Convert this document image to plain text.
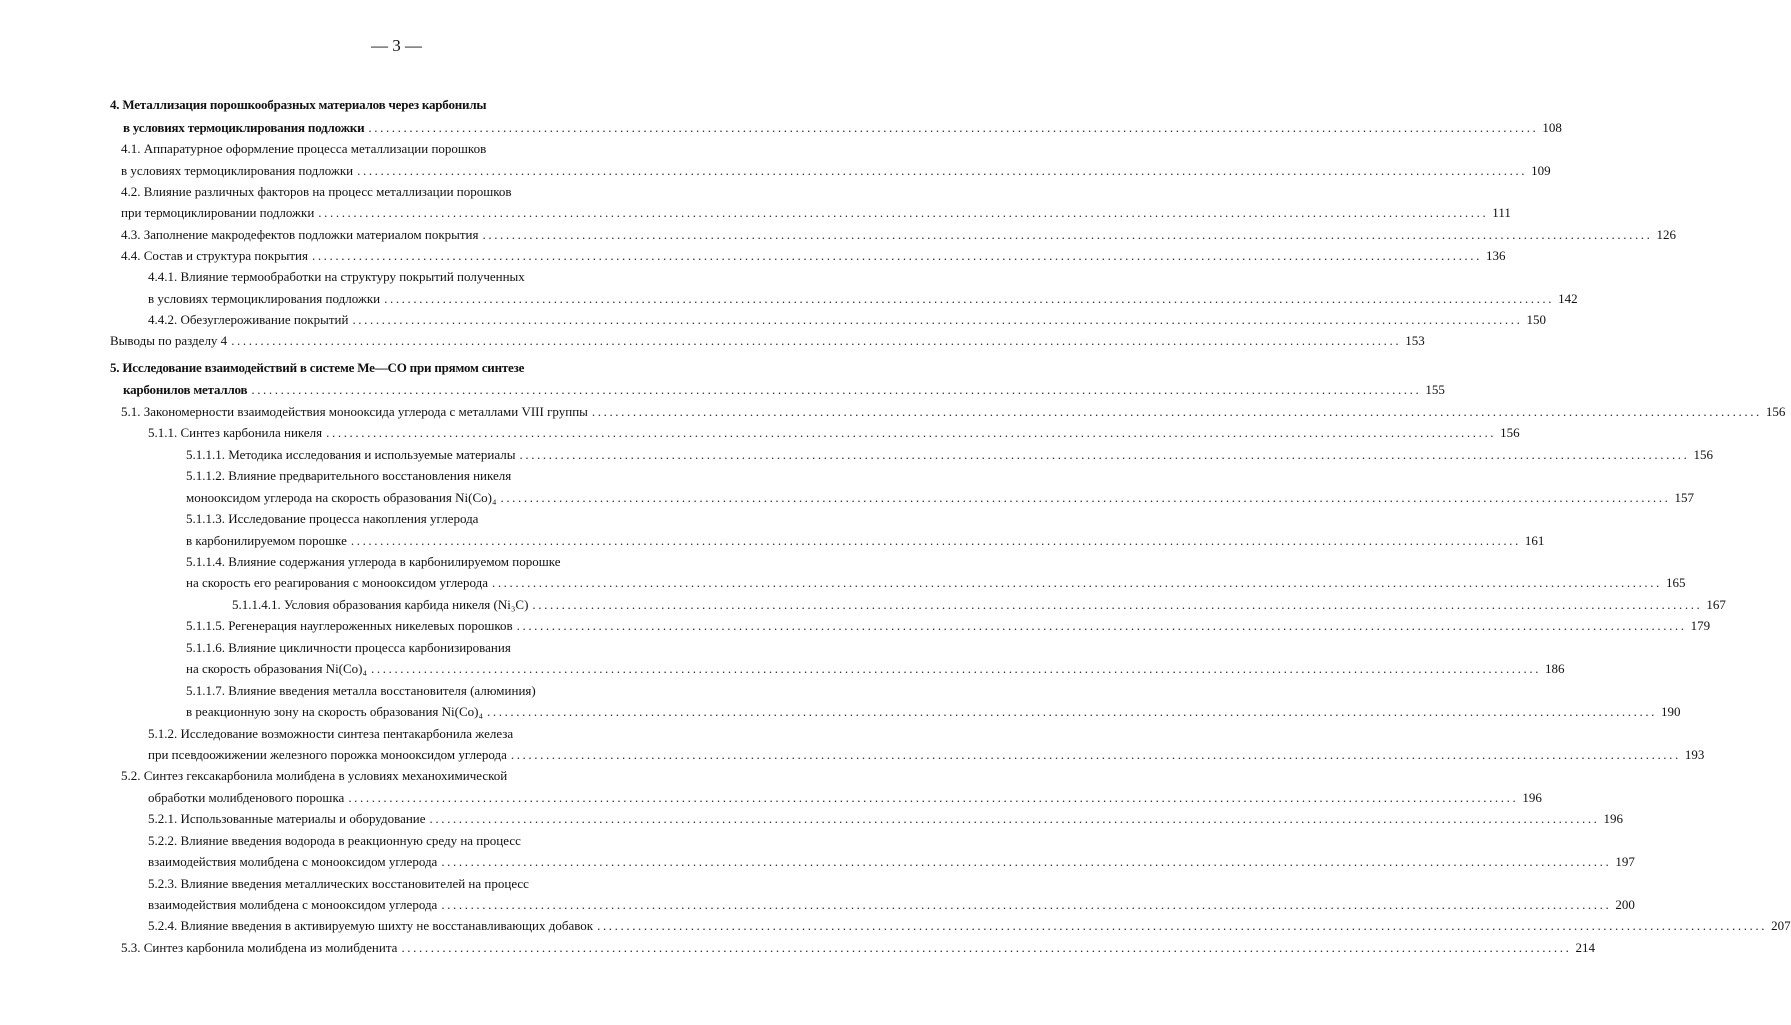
— 3 —
4. Металлизация порошкообразных материалов через карбонилы
в условиях термоциклирования подложки ........................................................................................................................................................................................................ 108
4.1. Аппаратурное оформление процесса металлизации порошков
в условиях термоциклирования подложки ........................................................................................................................................................................................................ 109
4.2. Влияние различных факторов на процесс металлизации порошков
при термоциклировании подложки ........................................................................................................................................................................................................ 111
4.3. Заполнение макродефектов подложки материалом покрытия ........................................................................................................................................................................................................ 126
4.4. Состав и структура покрытия ........................................................................................................................................................................................................ 136
4.4.1. Влияние термообработки на структуру покрытий полученных
в условиях термоциклирования подложки ........................................................................................................................................................................................................ 142
4.4.2. Обезуглероживание покрытий ........................................................................................................................................................................................................ 150
Выводы по разделу 4 ........................................................................................................................................................................................................ 153
5. Исследование взаимодействий в системе Ме—СО при прямом синтезе
карбонилов металлов ........................................................................................................................................................................................................ 155
5.1. Закономерности взаимодействия монооксида углерода с металлами VIII группы ........................................................................................................................................................................................................ 156
5.1.1. Синтез карбонила никеля ........................................................................................................................................................................................................ 156
5.1.1.1. Методика исследования и используемые материалы ........................................................................................................................................................................................................ 156
5.1.1.2. Влияние предварительного восстановления никеля
монооксидом углерода на скорость образования Ni(Co)₄ ........................................................................................................................................................................................................ 157
5.1.1.3. Исследование процесса накопления углерода
в карбонилируемом порошке ........................................................................................................................................................................................................ 161
5.1.1.4. Влияние содержания углерода в карбонилируемом порошке
на скорость его реагирования с монооксидом углерода ........................................................................................................................................................................................................ 165
5.1.1.4.1. Условия образования карбида никеля (Ni₃C) ........................................................................................................................................................................................................ 167
5.1.1.5. Регенерация науглероженных никелевых порошков ........................................................................................................................................................................................................ 179
5.1.1.6. Влияние цикличности процесса карбонизирования
на скорость образования Ni(Co)₄ ........................................................................................................................................................................................................ 186
5.1.1.7. Влияние введения металла восстановителя (алюминия)
в реакционную зону на скорость образования Ni(Co)₄ ........................................................................................................................................................................................................ 190
5.1.2. Исследование возможности синтеза пентакарбонила железа
при псевдоожижении железного порожка монооксидом углерода ........................................................................................................................................................................................................ 193
5.2. Синтез гексакарбонила молибдена в условиях механохимической
обработки молибденового порошка ........................................................................................................................................................................................................ 196
5.2.1. Использованные материалы и оборудование ........................................................................................................................................................................................................ 196
5.2.2. Влияние введения водорода в реакционную среду на процесс
взаимодействия молибдена с монооксидом углерода ........................................................................................................................................................................................................ 197
5.2.3. Влияние введения металлических восстановителей на процесс
взаимодействия молибдена с монооксидом углерода ........................................................................................................................................................................................................ 200
5.2.4. Влияние введения в активируемую шихту не восстанавливающих добавок ........................................................................................................................................................................................................ 207
5.3. Синтез карбонила молибдена из молибденита ........................................................................................................................................................................................................ 214
